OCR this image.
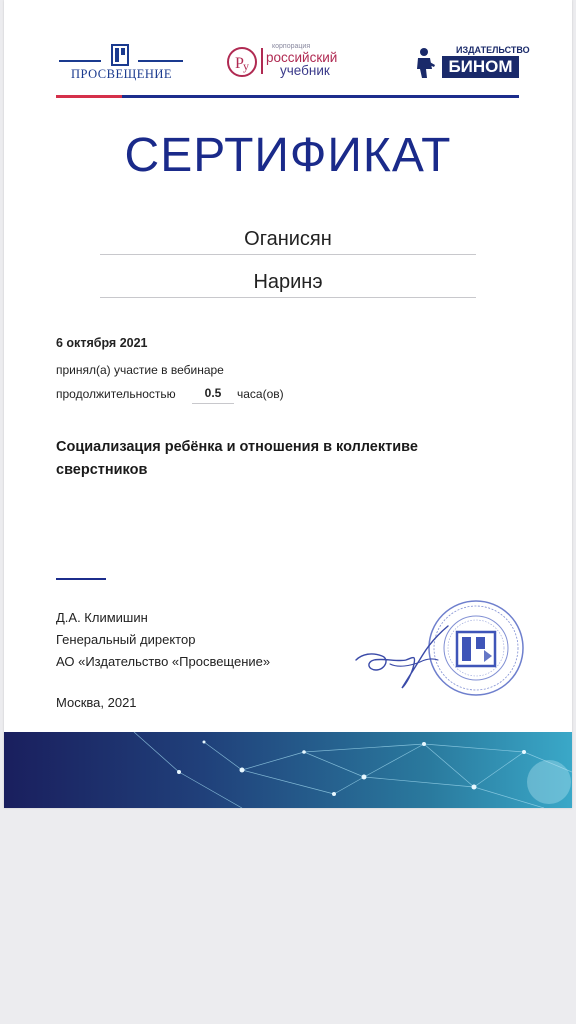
ПРОСВЕЩЕНИЕ
Р у
корпорация
российский
учебник
ИЗДАТЕЛЬСТВО
БИНОМ
СЕРТИФИКАТ
Оганисян
Наринэ
6 октября 2021
принял(а) участие в вебинаре
продолжительностью	0.5	часа(ов)
Социализация ребёнка и отношения в коллективе сверстников
Д.А. Климишин
Генеральный директор
АО «Издательство «Просвещение»
Москва, 2021
